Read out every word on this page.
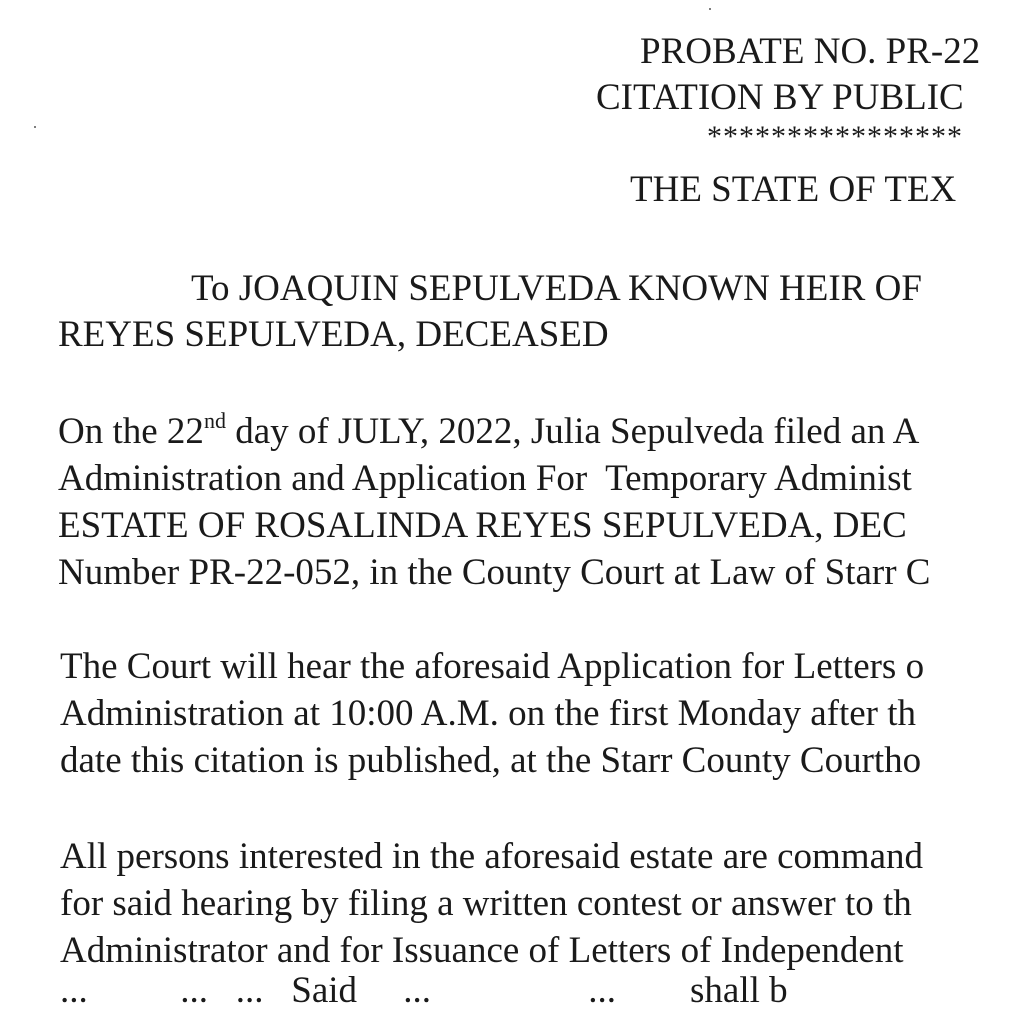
PROBATE NO. PR-22
CITATION BY PUBLIC
****************
THE STATE OF TEX
To JOAQUIN SEPULVEDA KNOWN HEIR OF
REYES SEPULVEDA, DECEASED
On the 22nd day of JULY, 2022, Julia Sepulveda filed an A
Administration and Application For  Temporary Administ
ESTATE OF ROSALINDA REYES SEPULVEDA, DEC
Number PR-22-052, in the County Court at Law of Starr C
The Court will hear the aforesaid Application for Letters o
Administration at 10:00 A.M. on the first Monday after th
date this citation is published, at the Starr County Courtho
All persons interested in the aforesaid estate are command
for said hearing by filing a written contest or answer to th
Administrator and for Issuance of Letters of Independent
...          ...   ...   Said     ...                 ...        shall b
